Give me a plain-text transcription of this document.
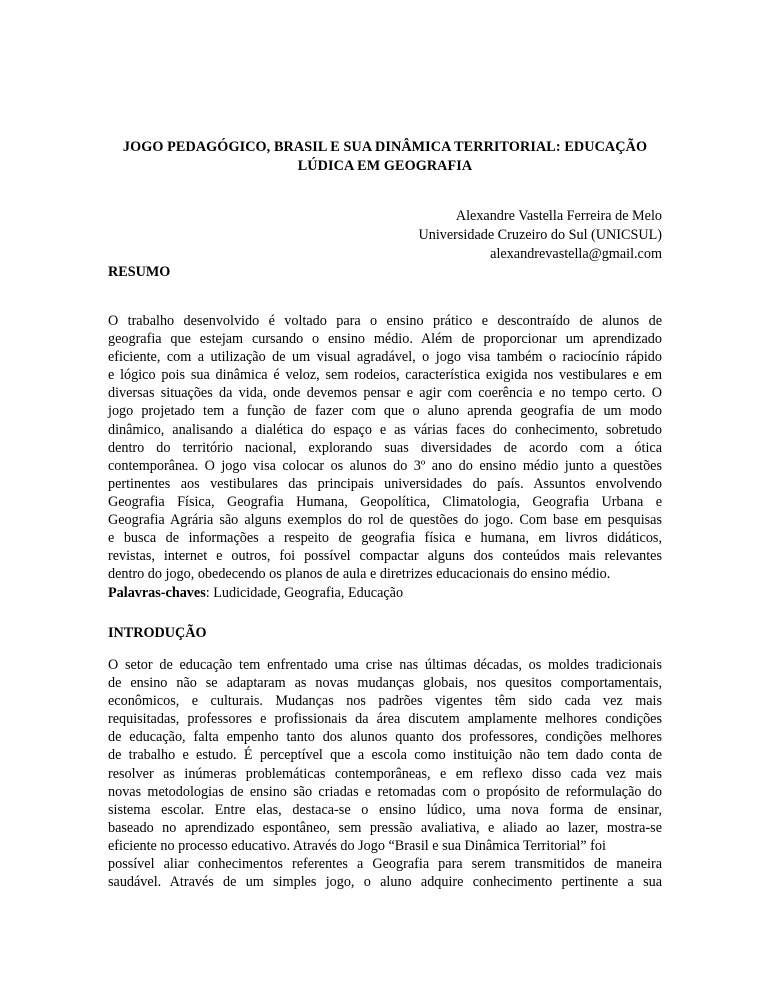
JOGO PEDAGÓGICO, BRASIL E SUA DINÂMICA TERRITORIAL: EDUCAÇÃO
LÚDICA EM GEOGRAFIA
Alexandre Vastella Ferreira de Melo
Universidade Cruzeiro do Sul (UNICSUL)
alexandrevastella@gmail.com
RESUMO
O trabalho desenvolvido é voltado para o ensino prático e descontraído de alunos de
geografia que estejam cursando o ensino médio. Além de proporcionar um aprendizado
eficiente, com a utilização de um visual agradável, o jogo visa também o raciocínio rápido
e lógico pois sua dinâmica é veloz, sem rodeios, característica exigida nos vestibulares e em
diversas situações da vida, onde devemos pensar e agir com coerência e no tempo certo. O
jogo projetado tem a função de fazer com que o aluno aprenda geografia de um modo
dinâmico, analisando a dialética do espaço e as várias faces do conhecimento, sobretudo
dentro do território nacional, explorando suas diversidades de acordo com a ótica
contemporânea. O jogo visa colocar os alunos do 3º ano do ensino médio junto a questões
pertinentes aos vestibulares das principais universidades do país. Assuntos envolvendo
Geografia Física, Geografia Humana, Geopolítica, Climatologia, Geografia Urbana e
Geografia Agrária são alguns exemplos do rol de questões do jogo. Com base em pesquisas
e busca de informações a respeito de geografia física e humana, em livros didáticos,
revistas, internet e outros, foi possível compactar alguns dos conteúdos mais relevantes
dentro do jogo, obedecendo os planos de aula e diretrizes educacionais do ensino médio.
Palavras-chaves: Ludicidade, Geografia, Educação
INTRODUÇÃO
O setor de educação tem enfrentado uma crise nas últimas décadas, os moldes tradicionais
de ensino não se adaptaram as novas mudanças globais, nos quesitos comportamentais,
econômicos, e culturais. Mudanças nos padrões vigentes têm sido cada vez mais
requisitadas, professores e profissionais da área discutem amplamente melhores condições
de educação, falta empenho tanto dos alunos quanto dos professores, condições melhores
de trabalho e estudo. É perceptível que a escola como instituição não tem dado conta de
resolver as inúmeras problemáticas contemporâneas, e em reflexo disso cada vez mais
novas metodologias de ensino são criadas e retomadas com o propósito de reformulação do
sistema escolar. Entre elas, destaca-se o ensino lúdico, uma nova forma de ensinar,
baseado no aprendizado espontâneo, sem pressão avaliativa, e aliado ao lazer, mostra-se
eficiente no processo educativo. Através do Jogo “Brasil e sua Dinâmica Territorial” foi
possível aliar conhecimentos referentes a Geografia para serem transmitidos de maneira
saudável. Através de um simples jogo, o aluno adquire conhecimento pertinente a sua
